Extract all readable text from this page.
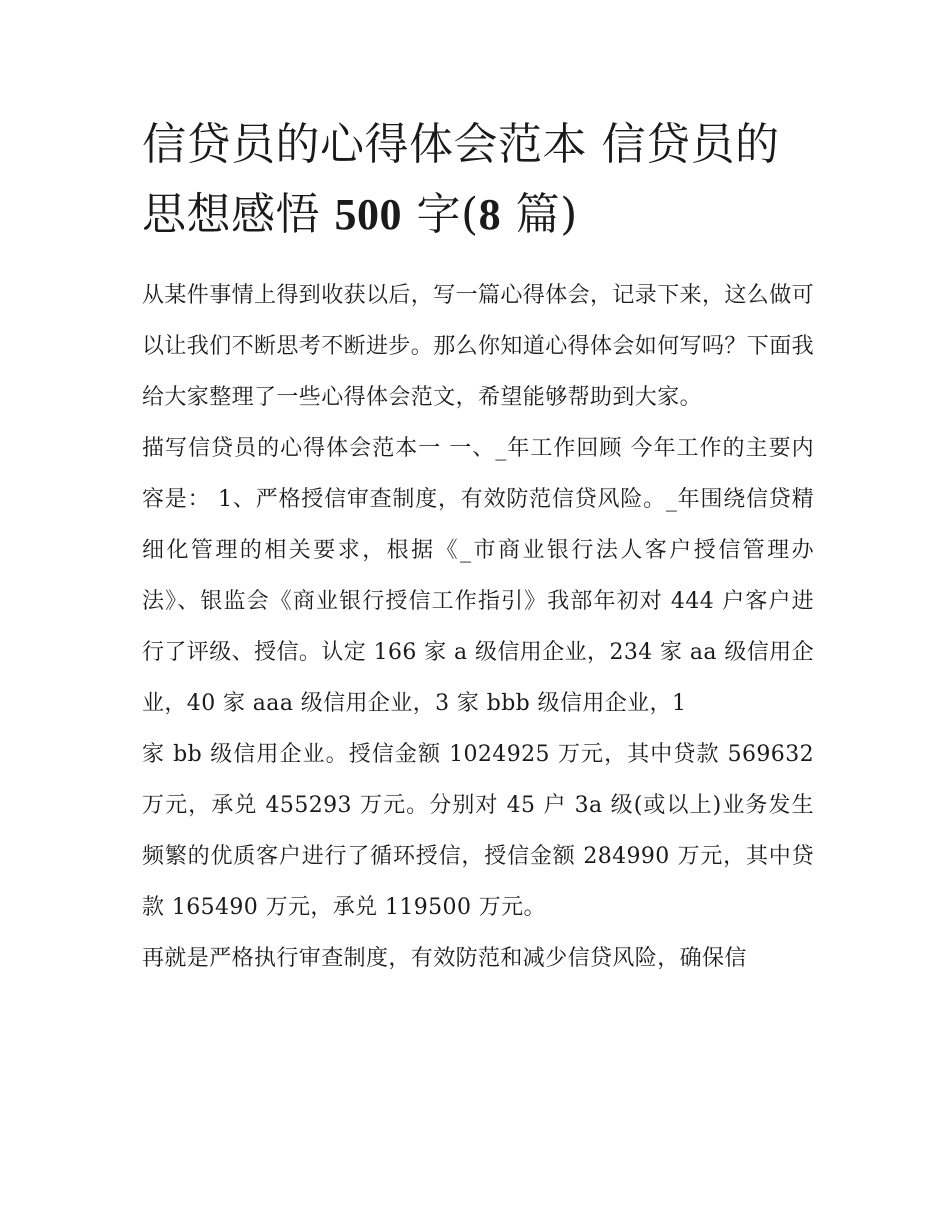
信贷员的心得体会范本 信贷员的思想感悟 500 字(8 篇)

从某件事情上得到收获以后，写一篇心得体会，记录下来，这么做可以让我们不断思考不断进步。那么你知道心得体会如何写吗？下面我给大家整理了一些心得体会范文，希望能够帮助到大家。

描写信贷员的心得体会范本一 一、_年工作回顾 今年工作的主要内容是： 1、严格授信审查制度，有效防范信贷风险。_年围绕信贷精细化管理的相关要求，根据《_市商业银行法人客户授信管理办法》、银监会《商业银行授信工作指引》我部年初对 444 户客户进行了评级、授信。认定 166 家 a 级信用企业，234 家 aa 级信用企业，40 家 aaa 级信用企业，3 家 bbb 级信用企业，1

家 bb 级信用企业。授信金额 1024925 万元，其中贷款 569632 万元，承兑 455293 万元。分别对 45 户 3a 级(或以上)业务发生频繁的优质客户进行了循环授信，授信金额 284990 万元，其中贷款 165490 万元，承兑 119500 万元。

再就是严格执行审查制度，有效防范和减少信贷风险，确保信
